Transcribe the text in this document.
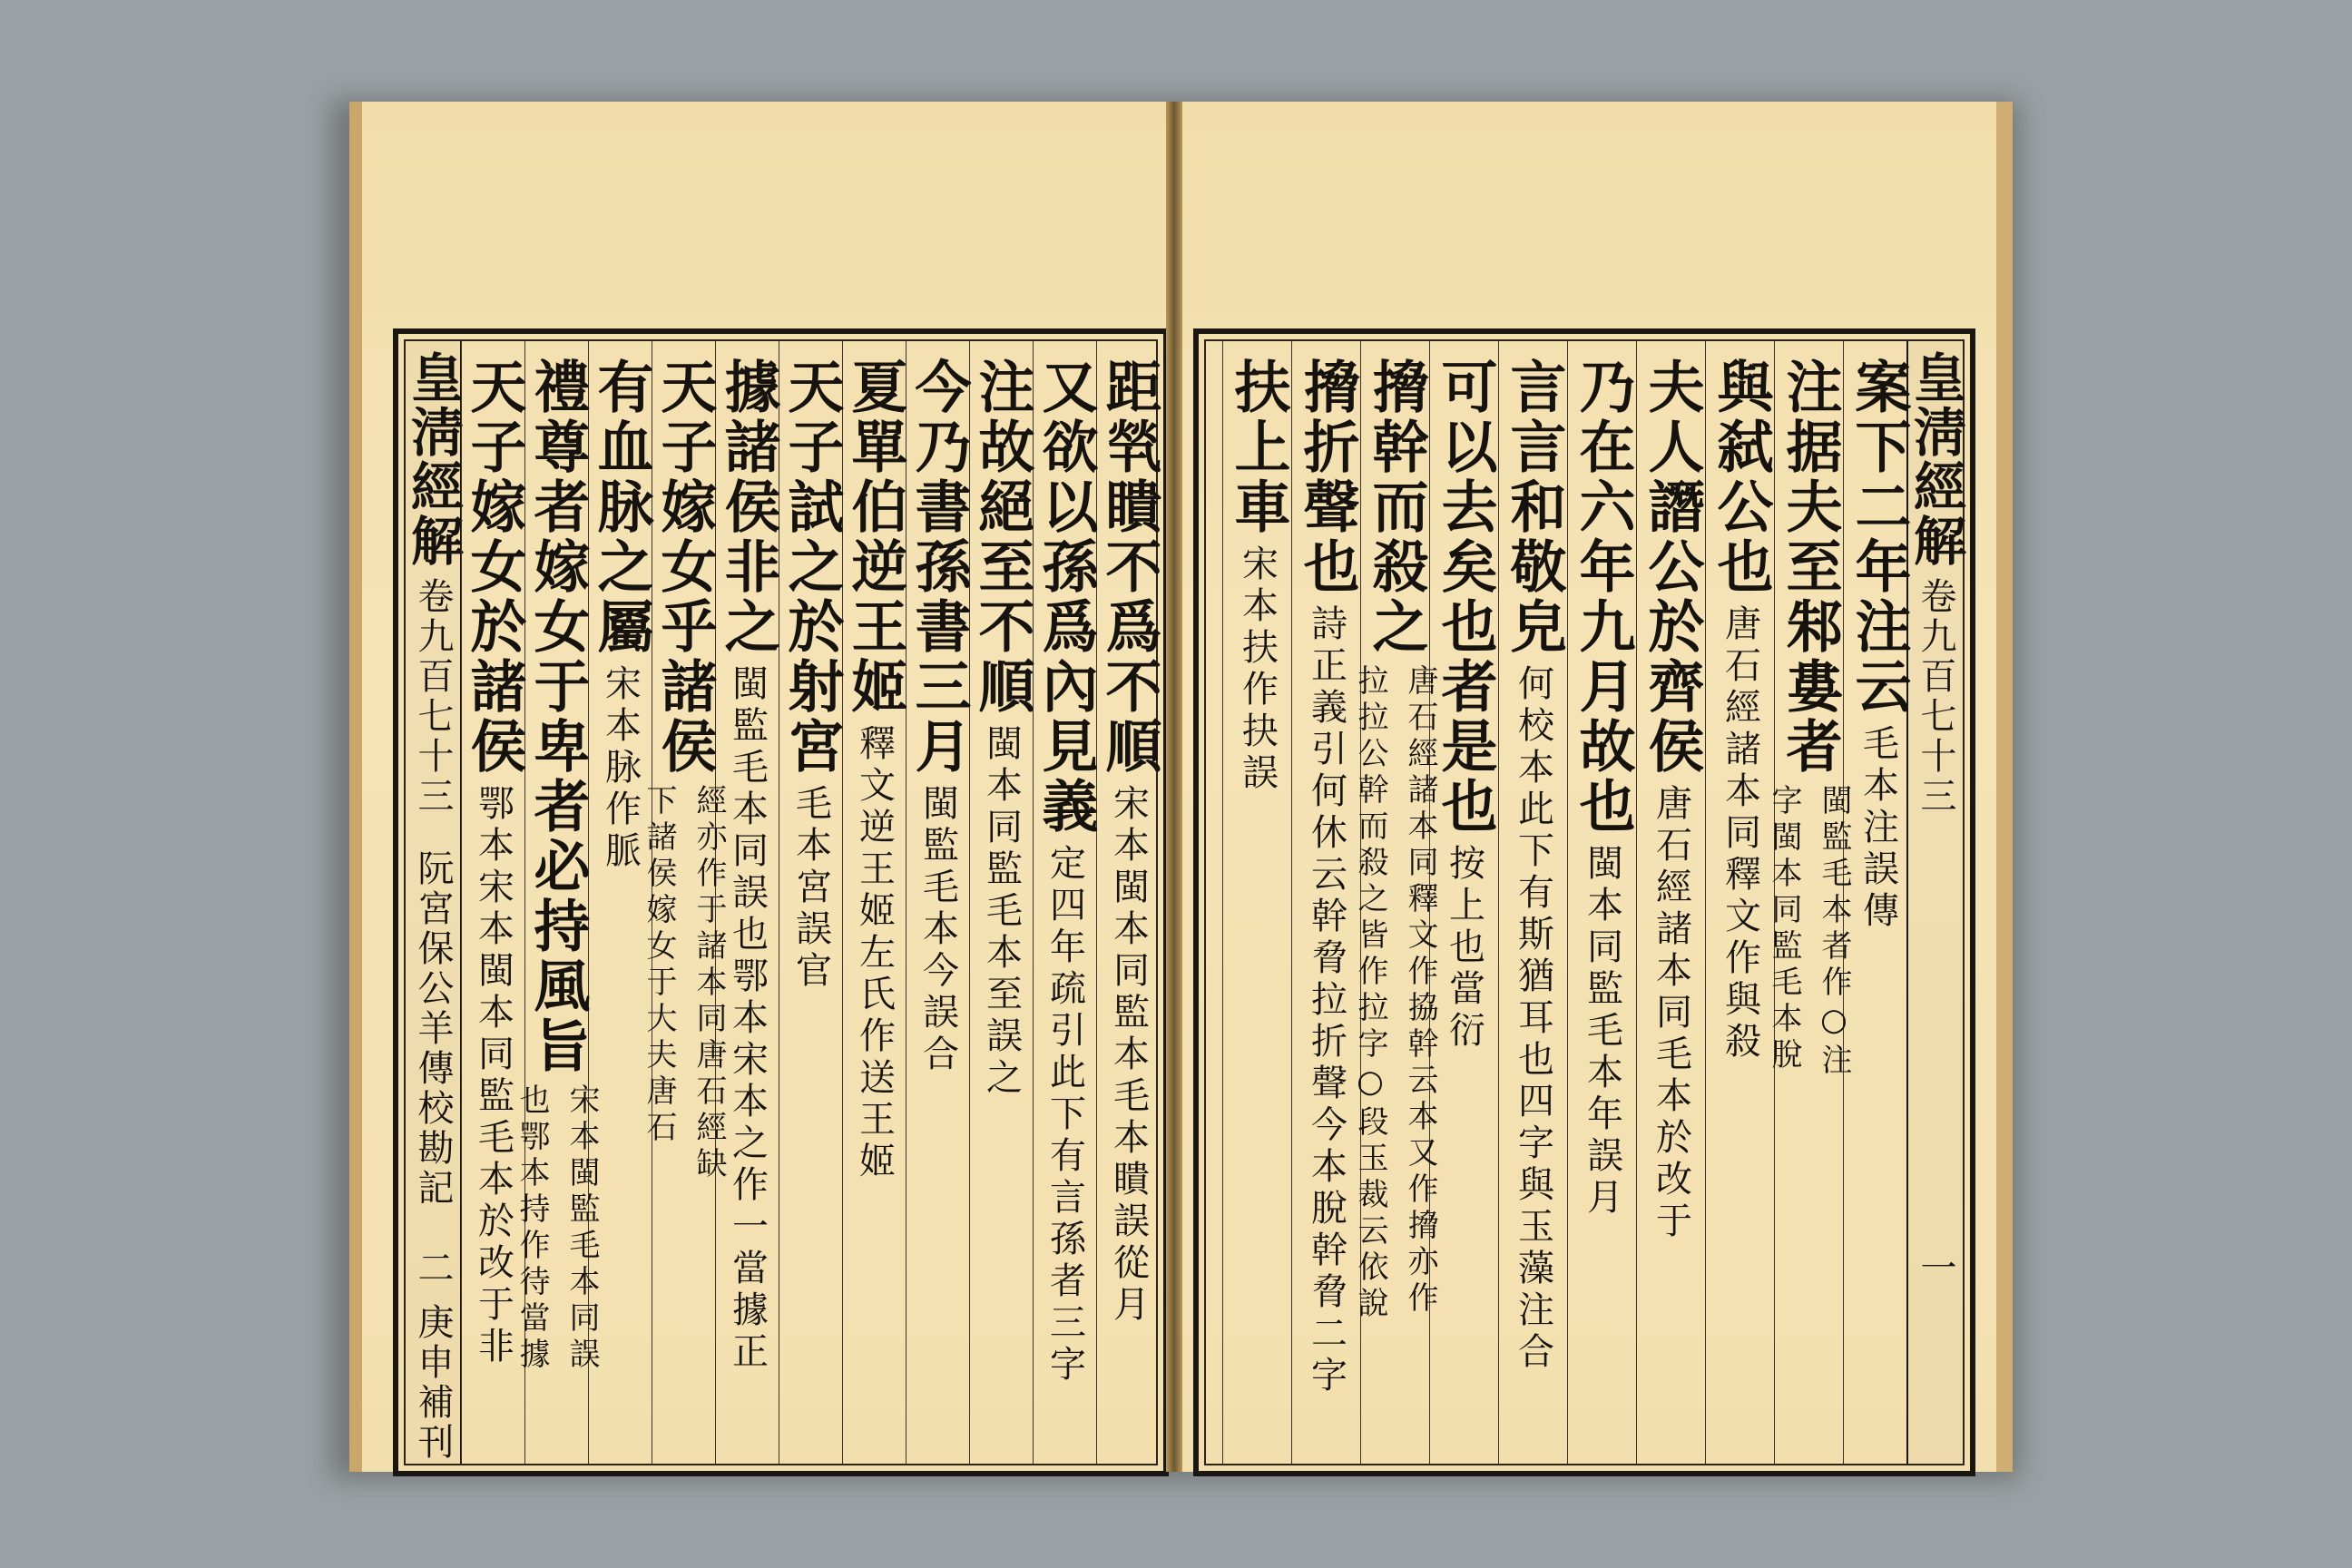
皇淸經解
卷九百七十三
阮宮保公羊傳校勘記
二
庚申補刊
距㷀瞶不爲不順
宋本閩本同監本毛本瞶誤從月
又欲以孫爲內見義
定四年疏引此下有言孫者三字
注故絕至不順
閩本同監毛本至誤之
今乃書孫書三月
閩監毛本今誤合
夏單伯逆王姬
釋文逆王姬左氏作送王姬
天子試之於射宮
毛本宮誤官
據諸侯非之
閩監毛本同誤也鄂本宋本之作一當據正
天子嫁女乎諸侯
經亦作于諸本同唐石經缺
下諸侯嫁女于大夫唐石
有血脉之屬
宋本脉作脈
禮尊者嫁女于卑者必持風旨
宋本閩監毛本同誤
也鄂本持作待當據
天子嫁女於諸侯
鄂本宋本閩本同監毛本於改于非
皇淸經解
卷九百七十三
一
案下二年注云
毛本注誤傳
注据夫至邾婁者
閩監毛本者作○注
字閩本同監毛本脫
與弑公也
唐石經諸本同釋文作與殺
夫人譖公於齊侯
唐石經諸本同毛本於改于
乃在六年九月故也
閩本同監毛本年誤月
言言和敬皃
何校本此下有斯猶耳也四字與玉藻注合
可以去矣也者是也
按上也當衍
搚幹而殺之
唐石經諸本同釋文作拹幹云本又作搚亦作
拉拉公幹而殺之皆作拉字○段玉裁云依說
搚折聲也
詩正義引何休云幹脅拉折聲今本脫幹脅二字
扶上車
宋本扶作抉誤
